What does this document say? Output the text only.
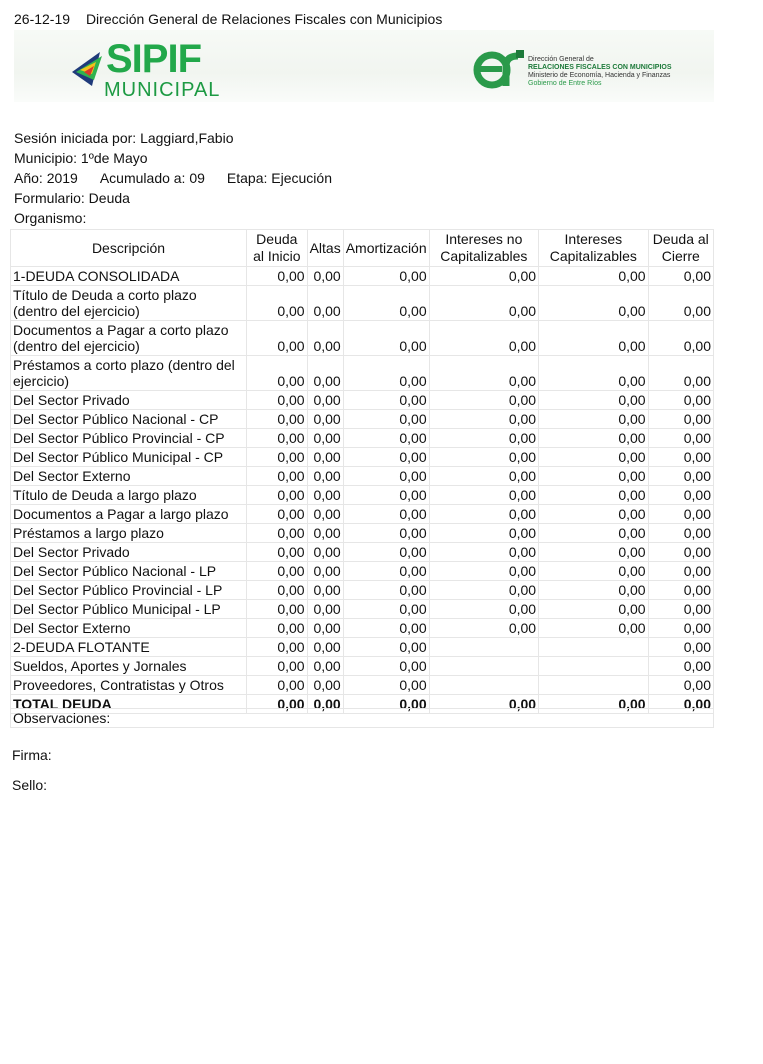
26-12-19 Dirección General de Relaciones Fiscales con Municipios
SIPIF
MUNICIPAL
Dirección General de
RELACIONES FISCALES CON MUNICIPIOS
Ministerio de Economía, Hacienda y Finanzas
Gobierno de Entre Ríos
Sesión iniciada por: Laggiard,Fabio
Municipio: 1ºde Mayo
Año: 2019 Acumulado a: 09 Etapa: Ejecución
Formulario: Deuda
Organismo:
Descripción	Deuda al Inicio	Altas	Amortización	Intereses no Capitalizables	Intereses Capitalizables	Deuda al Cierre
1-DEUDA CONSOLIDADA	0,00	0,00	0,00	0,00	0,00	0,00
Título de Deuda a corto plazo (dentro del ejercicio)	0,00	0,00	0,00	0,00	0,00	0,00
Documentos a Pagar a corto plazo (dentro del ejercicio)	0,00	0,00	0,00	0,00	0,00	0,00
Préstamos a corto plazo (dentro del ejercicio)	0,00	0,00	0,00	0,00	0,00	0,00
Del Sector Privado	0,00	0,00	0,00	0,00	0,00	0,00
Del Sector Público Nacional - CP	0,00	0,00	0,00	0,00	0,00	0,00
Del Sector Público Provincial - CP	0,00	0,00	0,00	0,00	0,00	0,00
Del Sector Público Municipal - CP	0,00	0,00	0,00	0,00	0,00	0,00
Del Sector Externo	0,00	0,00	0,00	0,00	0,00	0,00
Título de Deuda a largo plazo	0,00	0,00	0,00	0,00	0,00	0,00
Documentos a Pagar a largo plazo	0,00	0,00	0,00	0,00	0,00	0,00
Préstamos a largo plazo	0,00	0,00	0,00	0,00	0,00	0,00
Del Sector Privado	0,00	0,00	0,00	0,00	0,00	0,00
Del Sector Público Nacional - LP	0,00	0,00	0,00	0,00	0,00	0,00
Del Sector Público Provincial - LP	0,00	0,00	0,00	0,00	0,00	0,00
Del Sector Público Municipal - LP	0,00	0,00	0,00	0,00	0,00	0,00
Del Sector Externo	0,00	0,00	0,00	0,00	0,00	0,00
2-DEUDA FLOTANTE	0,00	0,00	0,00			0,00
Sueldos, Aportes y Jornales	0,00	0,00	0,00			0,00
Proveedores, Contratistas y Otros	0,00	0,00	0,00			0,00
TOTAL DEUDA	0,00	0,00	0,00	0,00	0,00	0,00
Observaciones:
Firma:
Sello:
